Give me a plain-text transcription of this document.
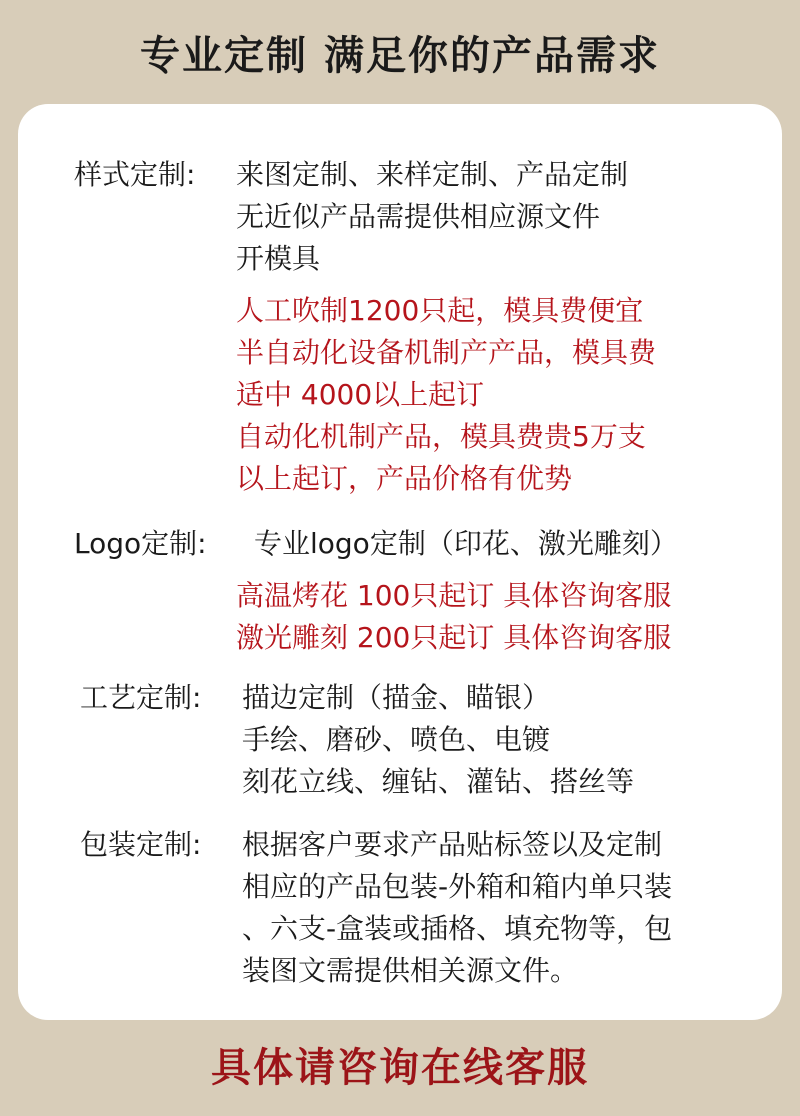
专业定制 满足你的产品需求
样式定制:	来图定制、来样定制、产品定制
无近似产品需提供相应源文件
开模具
人工吹制1200只起，模具费便宜
半自动化设备机制产产品，模具费
适中 4000以上起订
自动化机制产品，模具费贵5万支
以上起订，产品价格有优势
Logo定制:	专业logo定制（印花、激光雕刻）
高温烤花 100只起订 具体咨询客服
激光雕刻 200只起订 具体咨询客服
工艺定制:	描边定制（描金、瞄银）
手绘、磨砂、喷色、电镀
刻花立线、缠钻、灌钻、搭丝等
包装定制:	根据客户要求产品贴标签以及定制
相应的产品包装-外箱和箱内单只装
、六支-盒装或插格、填充物等，包
装图文需提供相关源文件。
具体请咨询在线客服
